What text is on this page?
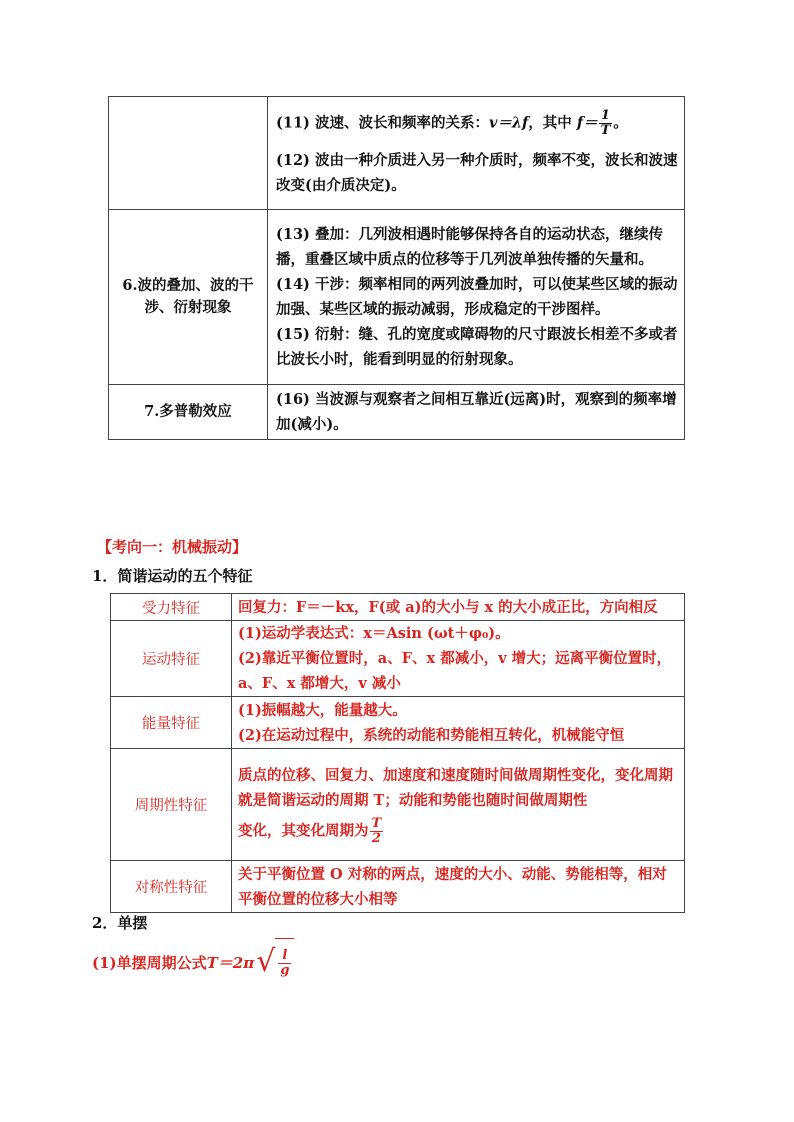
	(11) 波速、波长和频率的关系：v＝λf，其中 $f= \frac{1}{T}$ 。

(12) 波由一种介质进入另一种介质时，频率不变，波长和波速改变(由介质决定)。

6.波的叠加、波的干涉、衍射现象	(13) 叠加：几列波相遇时能够保持各自的运动状态，继续传播，重叠区域中质点的位移等于几列波单独传播的矢量和。

(14) 干涉：频率相同的两列波叠加时，可以使某些区域的振动加强、某些区域的振动减弱，形成稳定的干涉图样。

(15) 衍射：缝、孔的宽度或障碍物的尺寸跟波长相差不多或者比波长小时，能看到明显的衍射现象。

7.多普勒效应	(16) 当波源与观察者之间相互靠近(远离)时，观察到的频率增加(减小)。

【考向一：机械振动】
1．简谐运动的五个特征
受力特征	回复力：F＝－kx，F(或 a)的大小与 x 的大小成正比，方向相反

运动特征	(1)运动学表达式：x＝Asin (ωt＋φ₀)。

(2)靠近平衡位置时，a、F、x 都减小，v 增大；远离平衡位置时，a、F、x 都增大，v 减小

能量特征	(1)振幅越大，能量越大。

(2)在运动过程中，系统的动能和势能相互转化，机械能守恒

周期性特征	质点的位移、回复力、加速度和速度随时间做周期性变化，变化周期就是简谐运动的周期 T；动能和势能也随时间做周期性

变化，其变化周期为 $\frac{T}{2}$

对称性特征	关于平衡位置 O 对称的两点，速度的大小、动能、势能相等，相对平衡位置的位移大小相等

2．单摆
(1)单摆周期公式 T＝2π √ $\frac{l}{g}$
